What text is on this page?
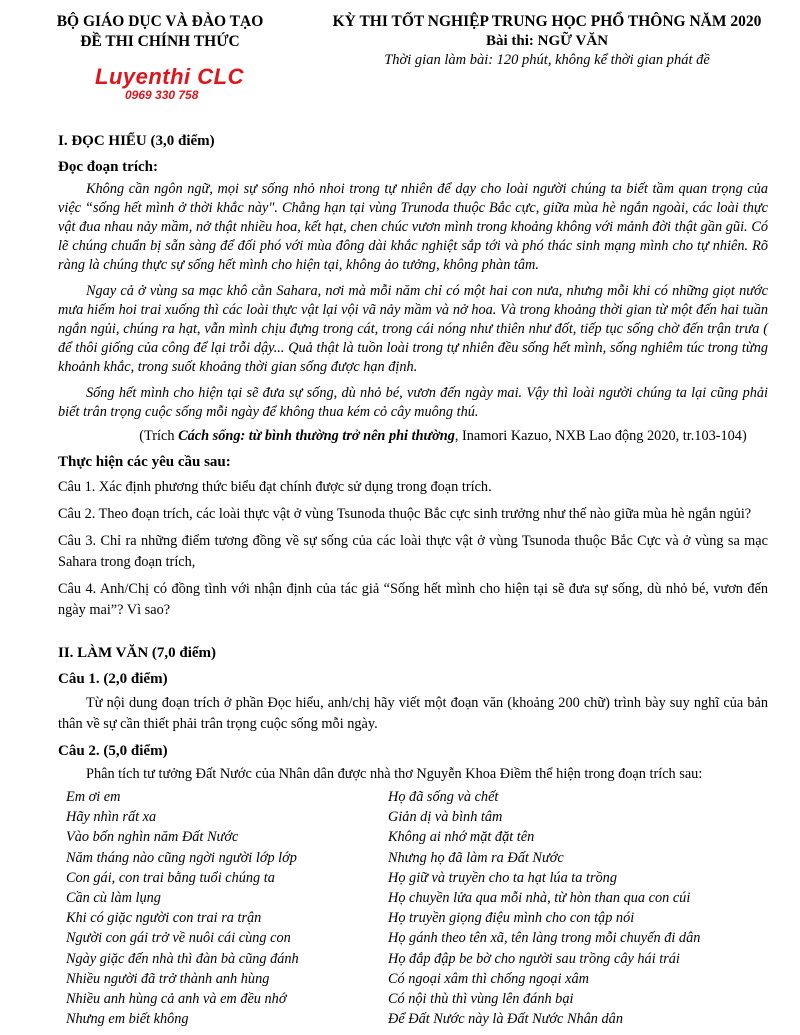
BỘ GIÁO DỤC VÀ ĐÀO TẠO
ĐỀ THI CHÍNH THỨC
Luyenthi CLC
0969 330 758
KỲ THI TỐT NGHIỆP TRUNG HỌC PHỔ THÔNG NĂM 2020
Bài thi: NGỮ VĂN
Thời gian làm bài: 120 phút, không kể thời gian phát đề

I. ĐỌC HIỂU (3,0 điểm)

Đọc đoạn trích:

Không cần ngôn ngữ, mọi sự sống nhỏ nhoi trong tự nhiên để dạy cho loài người chúng ta biết tầm quan trọng của việc “sống hết mình ở thời khắc này". Chẳng hạn tại vùng Trunoda thuộc Bắc cực, giữa mùa hè ngắn ngoài, các loài thực vật đua nhau nảy mầm, nở thật nhiều hoa, kết hạt, chen chúc vươn mình trong khoảng không với mảnh đời thật gần gũi. Có lẽ chúng chuẩn bị sẵn sàng để đối phó với mùa đông dài khắc nghiệt sắp tới và phó thác sinh mạng mình cho tự nhiên. Rõ ràng là chúng thực sự sống hết mình cho hiện tại, không ảo tưởng, không phàn tâm.

Ngay cả ở vùng sa mạc khô cằn Sahara, nơi mà mỗi năm chỉ có một hai con nưa, nhưng mỗi khi có những giọt nước mưa hiếm hoi trai xuống thì các loài thực vật lại vội vã nảy mầm và nở hoa. Và trong khoảng thời gian từ một đến hai tuần ngắn ngủi, chúng ra hạt, vẫn mình chịu đựng trong cát, trong cái nóng như thiên như đốt, tiếp tục sống chờ đến trận trưa ( để thôi giống của công để lại trỗi dậy... Quả thật là tuồn loài trong tự nhiên đều sống hết mình, sống nghiêm túc trong từng khoảnh khắc, trong suốt khoảng thời gian sống được hạn định.

Sống hết mình cho hiện tại sẽ đưa sự sống, dù nhỏ bé, vươn đến ngày mai. Vậy thì loài người chúng ta lại cũng phải biết trân trọng cuộc sống mỗi ngày để không thua kém cỏ cây muông thú.

(Trích Cách sống: từ bình thường trở nên phi thường, Inamori Kazuo, NXB Lao động 2020, tr.103-104)

Thực hiện các yêu cầu sau:

Câu 1. Xác định phương thức biểu đạt chính được sử dụng trong đoạn trích.

Câu 2. Theo đoạn trích, các loài thực vật ở vùng Tsunoda thuộc Bắc cực sinh trưởng như thế nào giữa mùa hè ngắn ngủi?

Câu 3. Chỉ ra những điểm tương đồng về sự sống của các loài thực vật ở vùng Tsunoda thuộc Bắc Cực và ở vùng sa mạc Sahara trong đoạn trích,

Câu 4. Anh/Chị có đồng tình với nhận định của tác giả “Sống hết mình cho hiện tại sẽ đưa sự sống, dù nhỏ bé, vươn đến ngày mai”? Vì sao?

II. LÀM VĂN (7,0 điểm)

Câu 1. (2,0 điểm)

Từ nội dung đoạn trích ở phần Đọc hiểu, anh/chị hãy viết một đoạn văn (khoảng 200 chữ) trình bày suy nghĩ của bản thân về sự cần thiết phải trân trọng cuộc sống mỗi ngày.

Câu 2. (5,0 điểm)

Phân tích tư tưởng Đất Nước của Nhân dân được nhà thơ Nguyễn Khoa Điềm thể hiện trong đoạn trích sau:

Em ơi em
Hãy nhìn rất xa
Vào bốn nghìn năm Đất Nước
Năm tháng nào cũng ngời người lớp lớp
Con gái, con trai bằng tuổi chúng ta
Cần cù làm lụng
Khi có giặc người con trai ra trận
Người con gái trở về nuôi cái cùng con
Ngày giặc đến nhà thì đàn bà cũng đánh
Nhiều người đã trở thành anh hùng
Nhiều anh hùng cả anh và em đều nhớ
Nhưng em biết không
Họ đã sống và chết
Giản dị và bình tâm
Không ai nhớ mặt đặt tên
Nhưng họ đã làm ra Đất Nước
Họ giữ và truyền cho ta hạt lúa ta trồng
Họ chuyền lửa qua mỗi nhà, từ hòn than qua con cúi
Họ truyền giọng điệu mình cho con tập nói
Họ gánh theo tên xã, tên làng trong mỗi chuyến đi dân
Họ đắp đập be bờ cho người sau trồng cây hái trái
Có ngoại xâm thì chống ngoại xâm
Có nội thù thì vùng lên đánh bại
Để Đất Nước này là Đất Nước Nhân dân
